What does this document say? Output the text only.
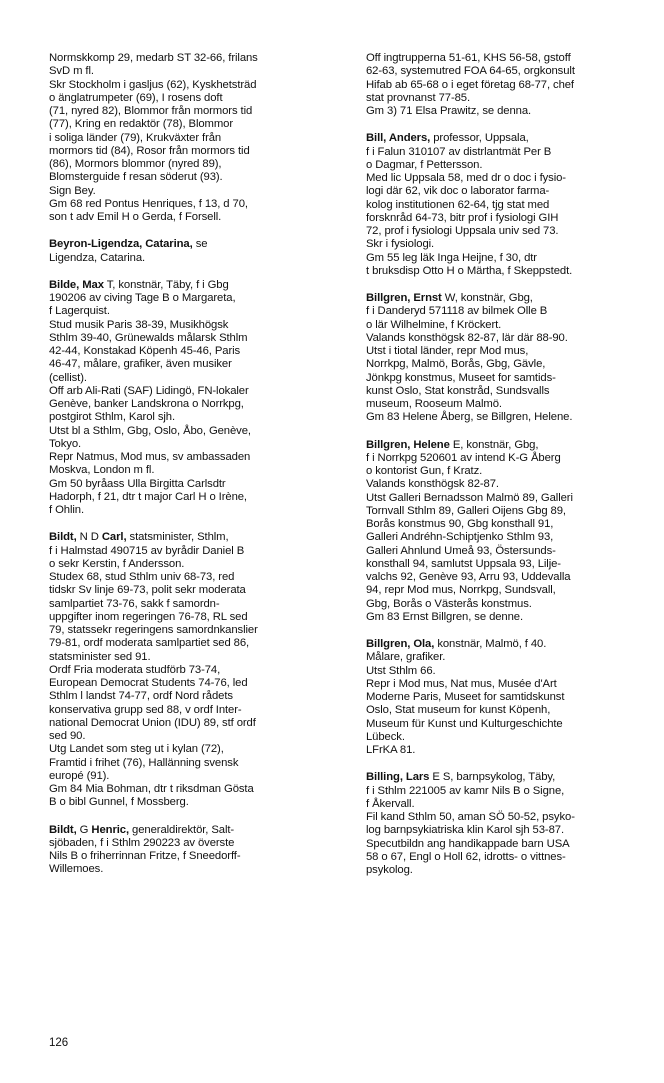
Normskkomp 29, medarb ST 32-66, frilans
SvD m fl.
Skr Stockholm i gasljus (62), Kyskhetsträd
o änglatrumpeter (69), I rosens doft
(71, nyred 82), Blommor från mormors tid
(77), Kring en redaktör (78), Blommor
i soliga länder (79), Krukväxter från
mormors tid (84), Rosor från mormors tid
(86), Mormors blommor (nyred 89),
Blomsterguide f resan söderut (93).
Sign Bey.
Gm 68 red Pontus Henriques, f 13, d 70,
son t adv Emil H o Gerda, f Forsell.
Beyron-Ligendza, Catarina, se
Ligendza, Catarina.
Bilde, Max T, konstnär, Täby, f i Gbg
190206 av civing Tage B o Margareta,
f Lagerquist.
Stud musik Paris 38-39, Musikhögsk
Sthlm 39-40, Grünewalds målarsk Sthlm
42-44, Konstakad Köpenh 45-46, Paris
46-47, målare, grafiker, även musiker
(cellist).
Off arb Ali-Rati (SAF) Lidingö, FN-lokaler
Genève, banker Landskrona o Norrkpg,
postgirot Sthlm, Karol sjh.
Utst bl a Sthlm, Gbg, Oslo, Åbo, Genève,
Tokyo.
Repr Natmus, Mod mus, sv ambassaden
Moskva, London m fl.
Gm 50 byråass Ulla Birgitta Carlsdtr
Hadorph, f 21, dtr t major Carl H o Irène,
f Ohlin.
Bildt, N D Carl, statsminister, Sthlm,
f i Halmstad 490715 av byrådir Daniel B
o sekr Kerstin, f Andersson.
Studex 68, stud Sthlm univ 68-73, red
tidskr Sv linje 69-73, polit sekr moderata
samlpartiet 73-76, sakk f samordn-
uppgifter inom regeringen 76-78, RL sed
79, statssekr regeringens samordnkanslier
79-81, ordf moderata samlpartiet sed 86,
statsminister sed 91.
Ordf Fria moderata studförb 73-74,
European Democrat Students 74-76, led
Sthlm l landst 74-77, ordf Nord rådets
konservativa grupp sed 88, v ordf Inter-
national Democrat Union (IDU) 89, stf ordf
sed 90.
Utg Landet som steg ut i kylan (72),
Framtid i frihet (76), Hallänning svensk
europé (91).
Gm 84 Mia Bohman, dtr t riksdman Gösta
B o bibl Gunnel, f Mossberg.
Bildt, G Henric, generaldirektör, Salt-
sjöbaden, f i Sthlm 290223 av överste
Nils B o friherrinnan Fritze, f Sneedorff-
Willemoes.
Off ingtrupperna 51-61, KHS 56-58, gstoff
62-63, systemutred FOA 64-65, orgkonsult
Hifab ab 65-68 o i eget företag 68-77, chef
stat provnanst 77-85.
Gm 3) 71 Elsa Prawitz, se denna.
Bill, Anders, professor, Uppsala,
f i Falun 310107 av distrlantmät Per B
o Dagmar, f Pettersson.
Med lic Uppsala 58, med dr o doc i fysio-
logi där 62, vik doc o laborator farma-
kolog institutionen 62-64, tjg stat med
forsknråd 64-73, bitr prof i fysiologi GIH
72, prof i fysiologi Uppsala univ sed 73.
Skr i fysiologi.
Gm 55 leg läk Inga Heijne, f 30, dtr
t bruksdisp Otto H o Märtha, f Skeppstedt.
Billgren, Ernst W, konstnär, Gbg,
f i Danderyd 571118 av bilmek Olle B
o lär Wilhelmine, f Kröckert.
Valands konsthögsk 82-87, lär där 88-90.
Utst i tiotal länder, repr Mod mus,
Norrkpg, Malmö, Borås, Gbg, Gävle,
Jönkpg konstmus, Museet for samtids-
kunst Oslo, Stat konstråd, Sundsvalls
museum, Rooseum Malmö.
Gm 83 Helene Åberg, se Billgren, Helene.
Billgren, Helene E, konstnär, Gbg,
f i Norrkpg 520601 av intend K-G Åberg
o kontorist Gun, f Kratz.
Valands konsthögsk 82-87.
Utst Galleri Bernadsson Malmö 89, Galleri
Tornvall Sthlm 89, Galleri Oijens Gbg 89,
Borås konstmus 90, Gbg konsthall 91,
Galleri Andréhn-Schiptjenko Sthlm 93,
Galleri Ahnlund Umeå 93, Östersunds-
konsthall 94, samlutst Uppsala 93, Lilje-
valchs 92, Genève 93, Arru 93, Uddevalla
94, repr Mod mus, Norrkpg, Sundsvall,
Gbg, Borås o Västerås konstmus.
Gm 83 Ernst Billgren, se denne.
Billgren, Ola, konstnär, Malmö, f 40.
Målare, grafiker.
Utst Sthlm 66.
Repr i Mod mus, Nat mus, Musée d'Art
Moderne Paris, Museet for samtidskunst
Oslo, Stat museum for kunst Köpenh,
Museum für Kunst und Kulturgeschichte
Lübeck.
LFrKA 81.
Billing, Lars E S, barnpsykolog, Täby,
f i Sthlm 221005 av kamr Nils B o Signe,
f Åkervall.
Fil kand Sthlm 50, aman SÖ 50-52, psyko-
log barnpsykiatriska klin Karol sjh 53-87.
Specutbildn ang handikappade barn USA
58 o 67, Engl o Holl 62, idrotts- o vittnes-
psykolog.
126
